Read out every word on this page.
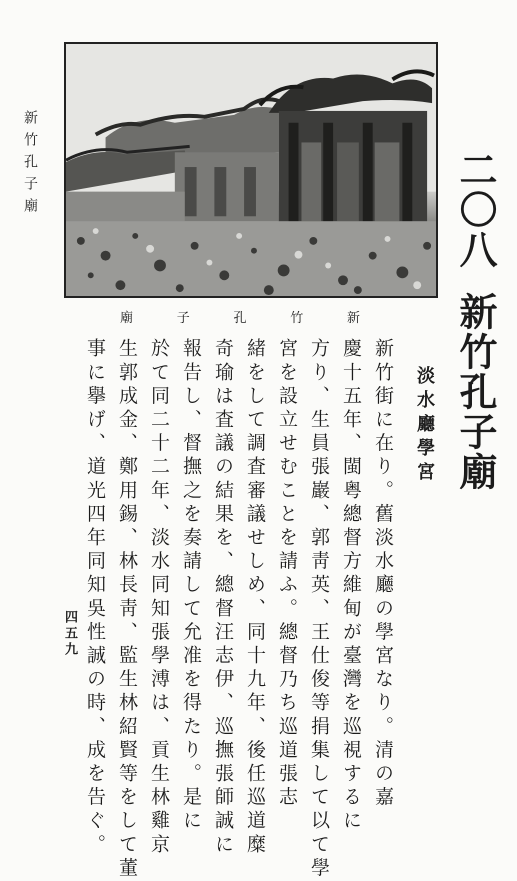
新竹孔子廟
新
竹
孔
子
廟
二〇八
新竹孔子廟
淡水廳學宮
新竹街に在り。舊淡水廳の學宮なり。清の嘉
慶十五年、閩粤總督方維甸が臺灣を巡視するに
方り、生員張巖、郭靑英、王仕俊等捐集して以て學
宮を設立せむことを請ふ。總督乃ち巡道張志
緒をして調査審議せしめ、同十九年、後任巡道糜
奇瑜は査議の結果を、總督汪志伊、巡撫張師誠に
報告し、督撫之を奏請して允准を得たり。是に
於て同二十二年、淡水同知張學溥は、貢生林雞京
生郭成金、鄭用錫、林長靑、監生林紹賢等をして董
事に擧げ、道光四年同知吳性誠の時、成を告ぐ。
四五九
